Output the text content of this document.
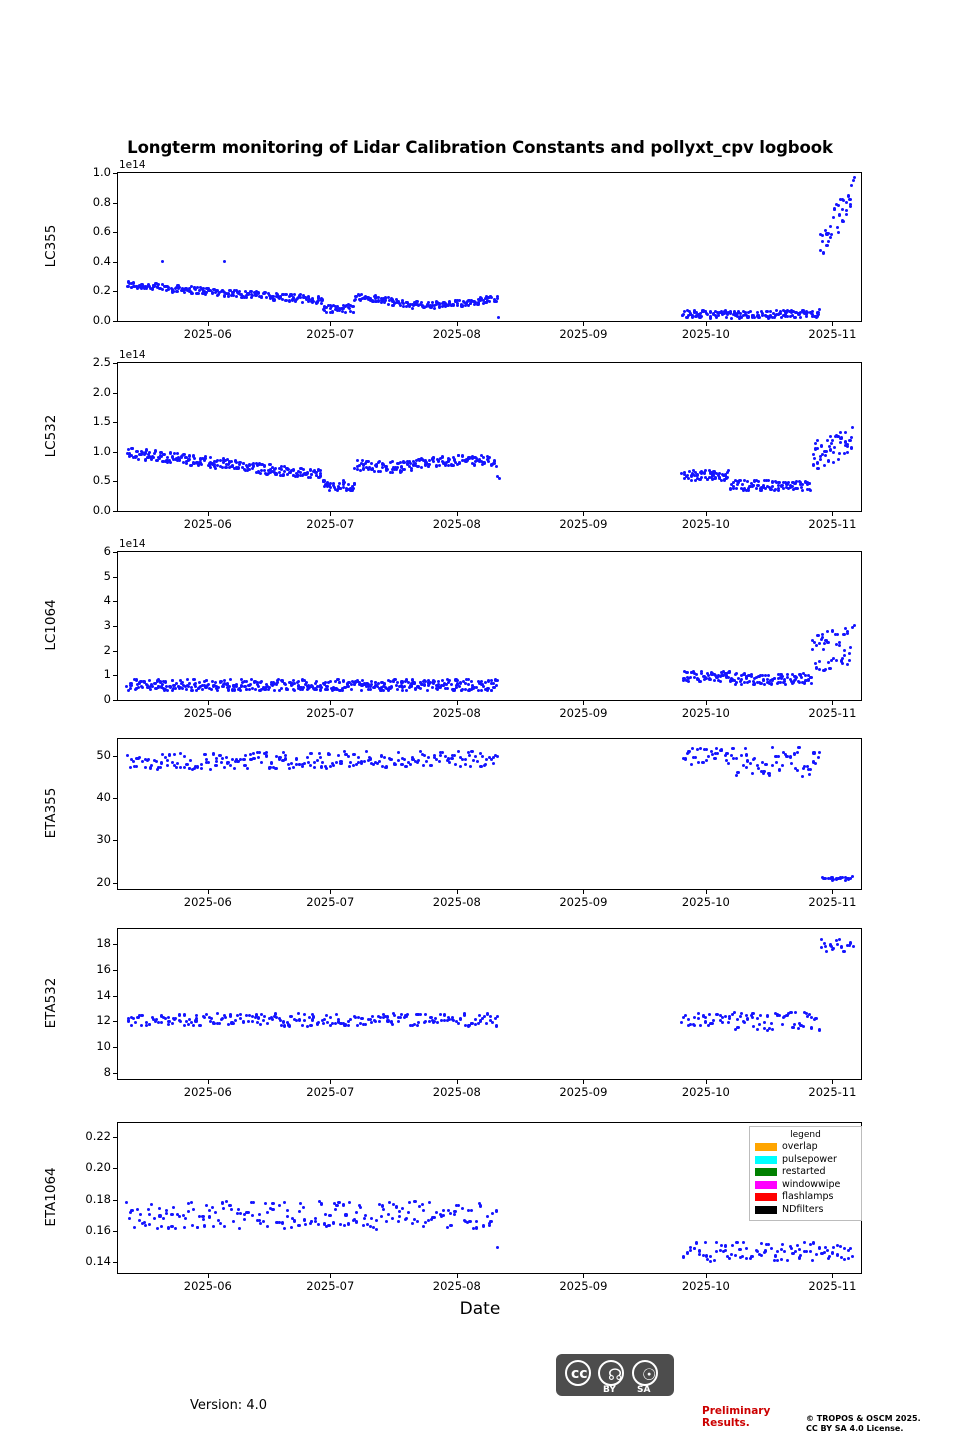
Longterm monitoring of Lidar Calibration Constants and pollyxt_cpv logbook
1e14
0.0
0.2
0.4
0.6
0.8
1.0
2025-06	2025-07	2025-08	2025-09	2025-10	2025-11
LC355
1e14
0.0
0.5
1.0
1.5
2.0
2.5
2025-06	2025-07	2025-08	2025-09	2025-10	2025-11
LC532
1e14
0
1
2
3
4
5
6
2025-06	2025-07	2025-08	2025-09	2025-10	2025-11
LC1064
20
30
40
50
2025-06	2025-07	2025-08	2025-09	2025-10	2025-11
ETA355
8
10
12
14
16
18
2025-06	2025-07	2025-08	2025-09	2025-10	2025-11
ETA532
0.14
0.16
0.18
0.20
0.22
2025-06	2025-07	2025-08	2025-09	2025-10	2025-11
ETA1064
Date
legend
overlap
pulsepower
restarted
windowwipe
flashlamps
NDfilters
Version: 4.0
cc ☊
BY
☉
SA
Preliminary Results.	© TROPOS & OSCM 2025.
CC BY SA 4.0 License.
